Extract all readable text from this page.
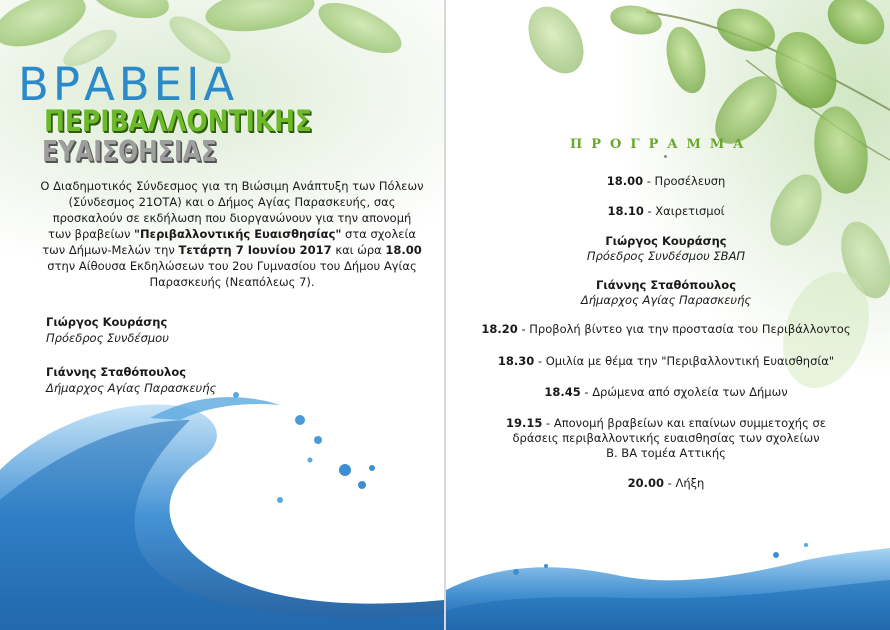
ΒΡΑΒΕΙΑ
ΠΕΡΙΒΑΛΛΟΝΤΙΚΗΣ
ΕΥΑΙΣΘΗΣΙΑΣ

Ο Διαδημοτικός Σύνδεσμος για τη Βιώσιμη Ανάπτυξη των Πόλεων (Σύνδεσμος 21ΟΤΑ) και ο Δήμος Αγίας Παρασκευής, σας προσκαλούν σε εκδήλωση που διοργανώνουν για την απονομή των βραβείων "Περιβαλλοντικής Ευαισθησίας" στα σχολεία των Δήμων-Μελών την Τετάρτη 7 Ιουνίου 2017 και ώρα 18.00 στην Αίθουσα Εκδηλώσεων του 2ου Γυμνασίου του Δήμου Αγίας Παρασκευής (Νεαπόλεως 7).

Γιώργος Κουράσης
Πρόεδρος Συνδέσμου
Γιάννης Σταθόπουλος
Δήμαρχος Αγίας Παρασκευής
ΠΡΟΓΡΑΜΜΑ
18.00 - Προσέλευση
18.10 - Χαιρετισμοί
Γιώργος Κουράσης
Πρόεδρος Συνδέσμου ΣΒΑΠ
Γιάννης Σταθόπουλος
Δήμαρχος Αγίας Παρασκευής
18.20 - Προβολή βίντεο για την προστασία του Περιβάλλοντος
18.30 - Ομιλία με θέμα την "Περιβαλλοντική Ευαισθησία"
18.45 - Δρώμενα από σχολεία των Δήμων
19.15 - Απονομή βραβείων και επαίνων συμμετοχής σε
δράσεις περιβαλλοντικής ευαισθησίας των σχολείων
Β. ΒΑ τομέα Αττικής
20.00 - Λήξη
